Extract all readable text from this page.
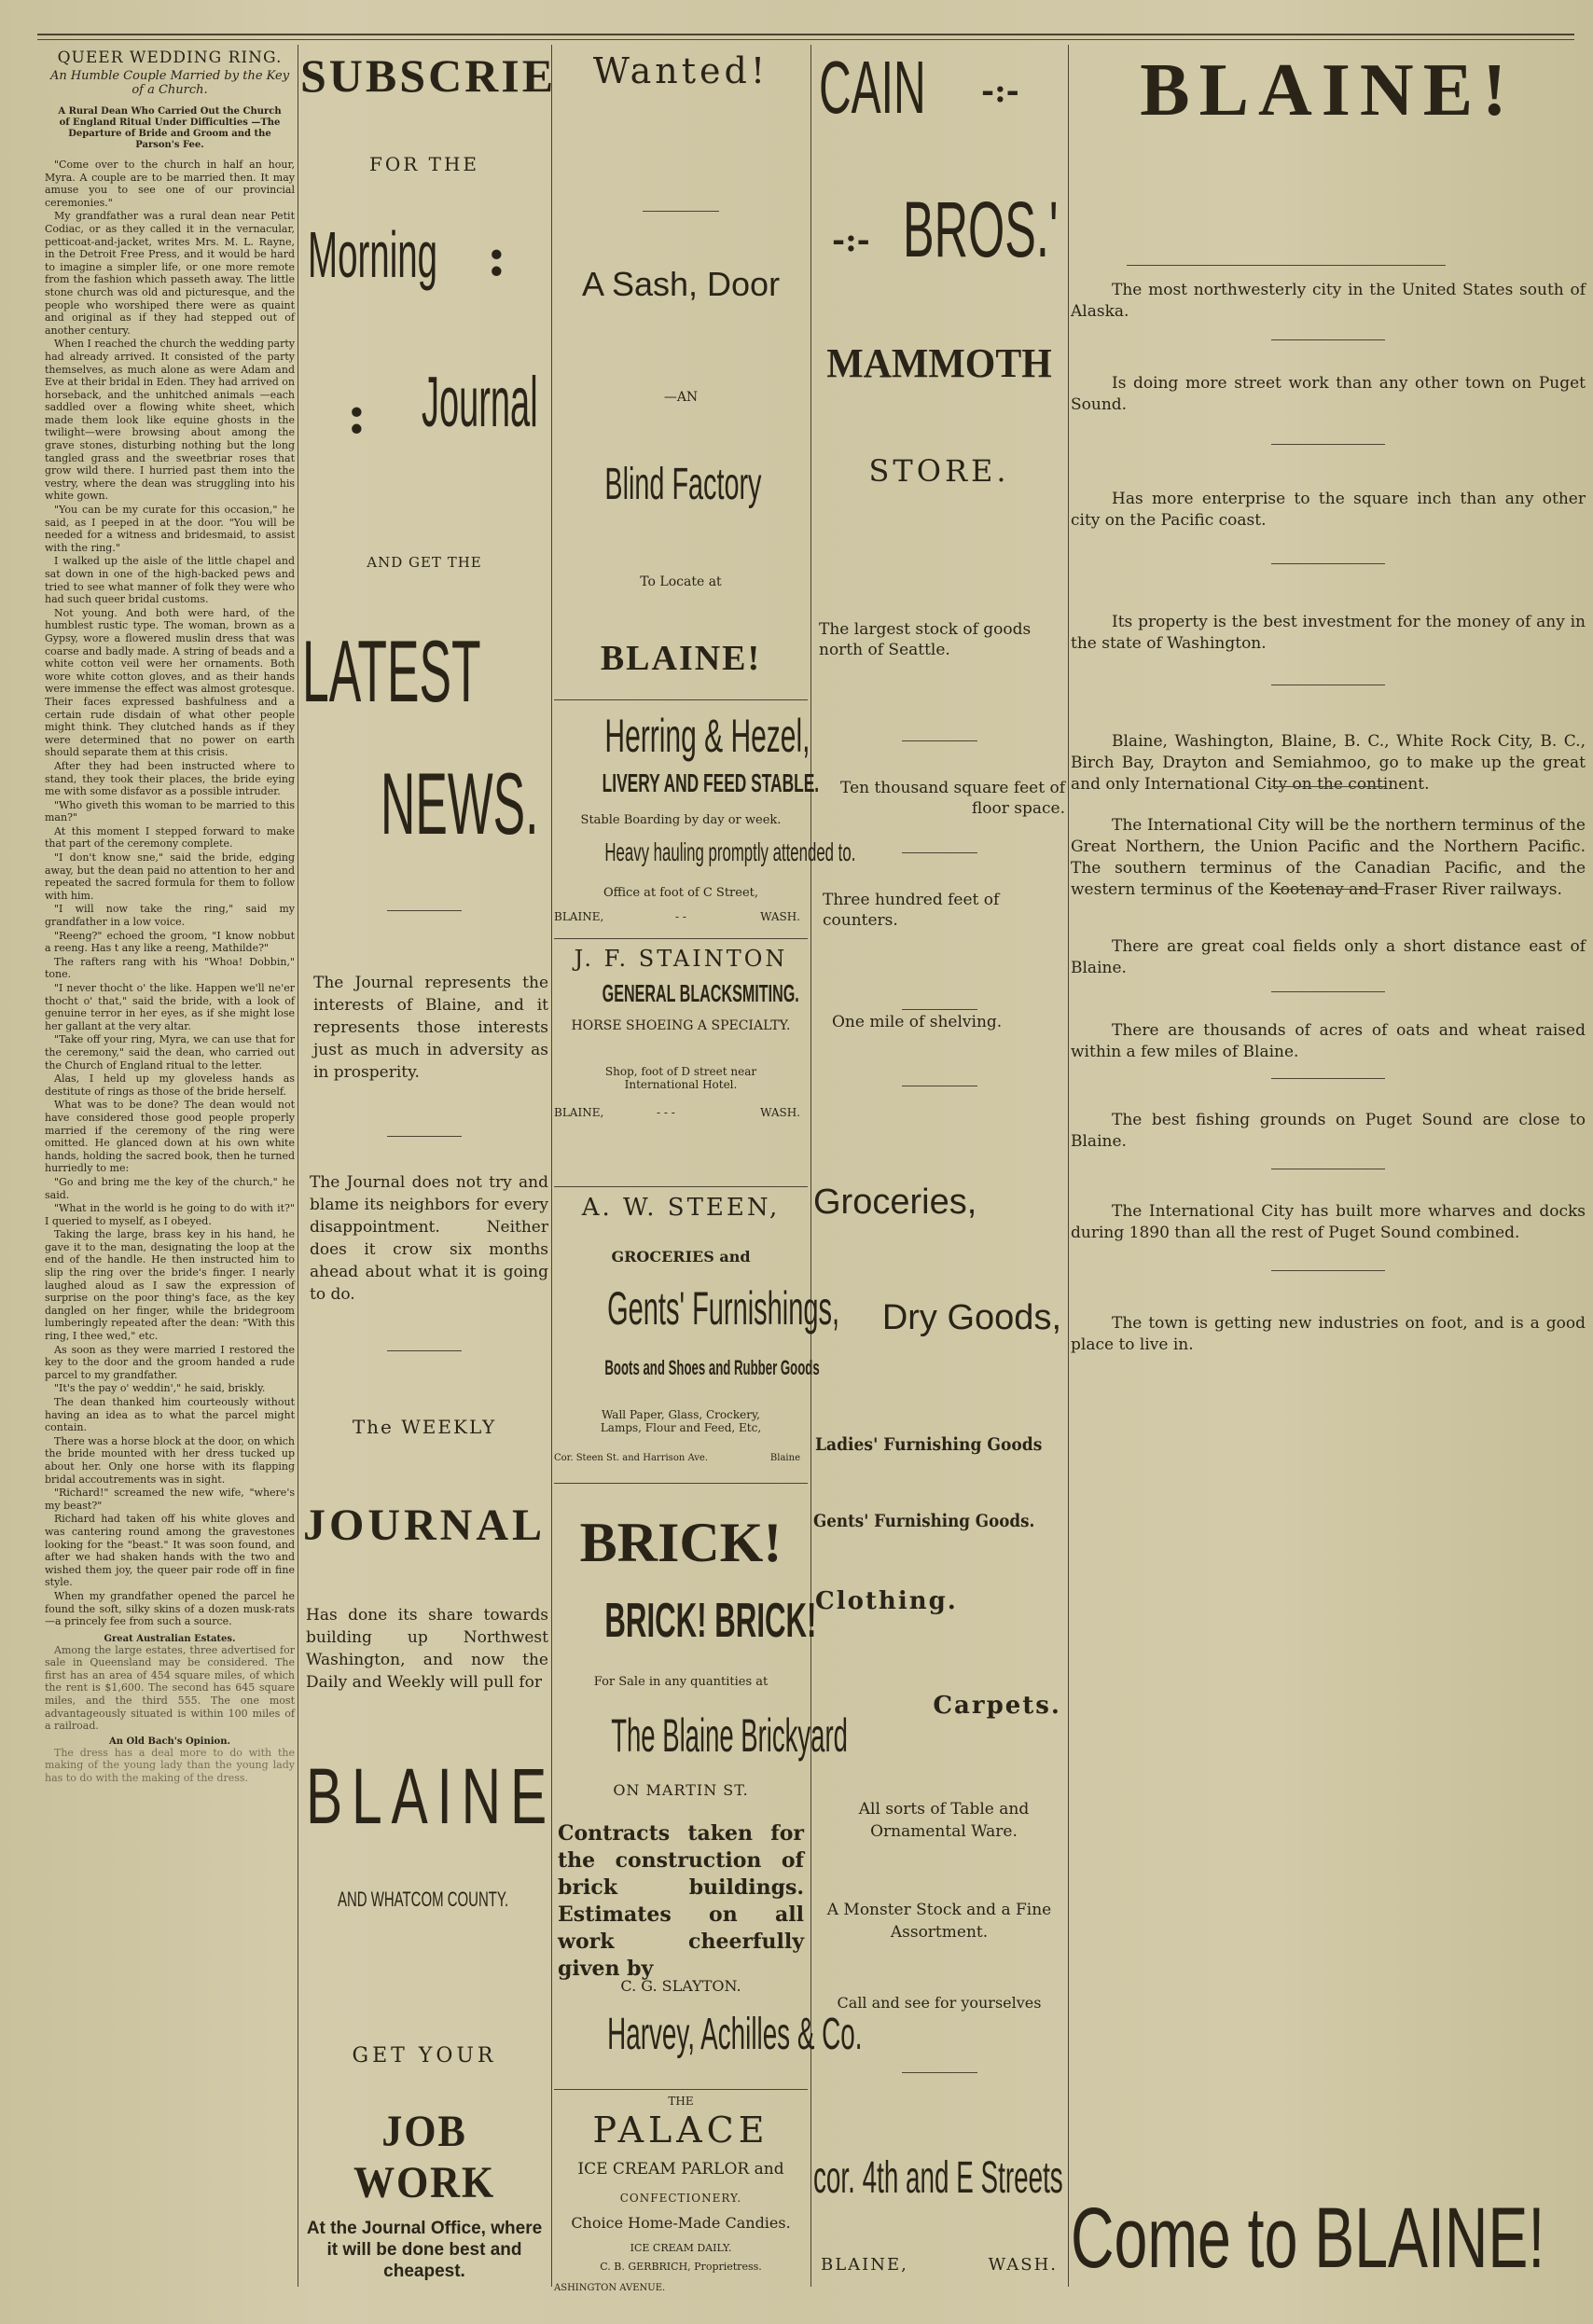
QUEER WEDDING RING.
An Humble Couple Married by the Key of a Church.
A Rural Dean Who Carried Out the Church of England Ritual Under Difficulties —The Departure of Bride and Groom and the Parson's Fee.

"Come over to the church in half an hour, Myra. A couple are to be married then. It may amuse you to see one of our provincial ceremonies."

My grandfather was a rural dean near Petit Codiac, or as they called it in the vernacular, petticoat-and-jacket, writes Mrs. M. L. Rayne, in the Detroit Free Press, and it would be hard to imagine a simpler life, or one more remote from the fashion which passeth away. The little stone church was old and picturesque, and the people who worshiped there were as quaint and original as if they had stepped out of another century.

When I reached the church the wedding party had already arrived. It consisted of the party themselves, as much alone as were Adam and Eve at their bridal in Eden. They had arrived on horseback, and the unhitched animals —each saddled over a flowing white sheet, which made them look like equine ghosts in the twilight—were browsing about among the grave stones, disturbing nothing but the long tangled grass and the sweetbriar roses that grow wild there. I hurried past them into the vestry, where the dean was struggling into his white gown.

"You can be my curate for this occasion," he said, as I peeped in at the door. "You will be needed for a witness and bridesmaid, to assist with the ring."

I walked up the aisle of the little chapel and sat down in one of the high-backed pews and tried to see what manner of folk they were who had such queer bridal customs.

Not young. And both were hard, of the humblest rustic type. The woman, brown as a Gypsy, wore a flowered muslin dress that was coarse and badly made. A string of beads and a white cotton veil were her ornaments. Both wore white cotton gloves, and as their hands were immense the effect was almost grotesque. Their faces expressed bashfulness and a certain rude disdain of what other people might think. They clutched hands as if they were determined that no power on earth should separate them at this crisis.

After they had been instructed where to stand, they took their places, the bride eying me with some disfavor as a possible intruder.

"Who giveth this woman to be married to this man?"

At this moment I stepped forward to make that part of the ceremony complete.

"I don't know sne," said the bride, edging away, but the dean paid no attention to her and repeated the sacred formula for them to follow with him.

"I will now take the ring," said my grandfather in a low voice.

"Reeng?" echoed the groom, "I know nobbut a reeng. Has t any like a reeng, Mathilde?"

The rafters rang with his "Whoa! Dobbin," tone.

"I never thocht o' the like. Happen we'll ne'er thocht o' that," said the bride, with a look of genuine terror in her eyes, as if she might lose her gallant at the very altar.

"Take off your ring, Myra, we can use that for the ceremony," said the dean, who carried out the Church of England ritual to the letter.

Alas, I held up my gloveless hands as destitute of rings as those of the bride herself.

What was to be done? The dean would not have considered those good people properly married if the ceremony of the ring were omitted. He glanced down at his own white hands, holding the sacred book, then he turned hurriedly to me:

"Go and bring me the key of the church," he said.

"What in the world is he going to do with it?" I queried to myself, as I obeyed.

Taking the large, brass key in his hand, he gave it to the man, designating the loop at the end of the handle. He then instructed him to slip the ring over the bride's finger. I nearly laughed aloud as I saw the expression of surprise on the poor thing's face, as the key dangled on her finger, while the bridegroom lumberingly repeated after the dean: "With this ring, I thee wed," etc.

As soon as they were married I restored the key to the door and the groom handed a rude parcel to my grandfather.

"It's the pay o' weddin'," he said, briskly.

The dean thanked him courteously without having an idea as to what the parcel might contain.

There was a horse block at the door, on which the bride mounted with her dress tucked up about her. Only one horse with its flapping bridal accoutrements was in sight.

"Richard!" screamed the new wife, "where's my beast?"

Richard had taken off his white gloves and was cantering round among the gravestones looking for the "beast." It was soon found, and after we had shaken hands with the two and wished them joy, the queer pair rode off in fine style.

When my grandfather opened the parcel he found the soft, silky skins of a dozen musk-rats—a princely fee from such a source.

Great Australian Estates.

Among the large estates, three advertised for sale in Queensland may be considered. The first has an area of 454 square miles, of which the rent is $1,600. The second has 645 square miles, and the third 555. The one most advantageously situated is within 100 miles of a railroad.

An Old Bach's Opinion.

The dress has a deal more to do with the making of the young lady than the young lady has to do with the making of the dress.

SUBSCRIE
FOR THE
Morning :
: Journal
AND GET THE
LATEST
NEWS.
The Journal represents the interests of Blaine, and it represents those interests just as much in adversity as in prosperity.
The Journal does not try and blame its neighbors for every disappointment. Neither does it crow six months ahead about what it is going to do.
The WEEKLY
JOURNAL
Has done its share towards building up Northwest Washington, and now the Daily and Weekly will pull for
BLAINE
AND WHATCOM COUNTY.
GET YOUR
JOB WORK
At the Journal Office, where it will be done best and cheapest.
Wanted!
A Sash, Door
—AN
Blind Factory
To Locate at
BLAINE!
Herring & Hezel,
LIVERY AND FEED STABLE.
Stable Boarding by day or week.
Heavy hauling promptly attended to.
Office at foot of C Street,
BLAINE,	- -	WASH.
J. F. STAINTON
GENERAL BLACKSMITING.
HORSE SHOEING A SPECIALTY.
Shop, foot of D street near International Hotel.
BLAINE,	- - -	WASH.
A. W. STEEN,
GROCERIES and
Gents' Furnishings,
Boots and Shoes and Rubber Goods
Wall Paper, Glass, Crockery, Lamps, Flour and Feed, Etc,
Cor. Steen St. and Harrison Ave.	Blaine
BRICK!
BRICK! BRICK!
For Sale in any quantities at
The Blaine Brickyard
ON MARTIN ST.
Contracts taken for the construction of brick buildings. Estimates on all work cheerfully given by
C. G. SLAYTON.
Harvey, Achilles & Co.
THE
PALACE
ICE CREAM PARLOR and
CONFECTIONERY.
Choice Home-Made Candies.
ICE CREAM DAILY.
C. B. GERBRICH, Proprietress.
ASHINGTON AVENUE.
CAIN -:-
-:- BROS.'
MAMMOTH
STORE.
The largest stock of goods north of Seattle.
Ten thousand square feet of floor space.
Three hundred feet of counters.
One mile of shelving.
Groceries,
Dry Goods,
Ladies' Furnishing Goods
Gents' Furnishing Goods.
Clothing.
Carpets.
All sorts of Table and Ornamental Ware.
A Monster Stock and a Fine Assortment.
Call and see for yourselves
cor. 4th and E Streets
BLAINE,	WASH.
BLAINE!
The most northwesterly city in the United States south of Alaska.
Is doing more street work than any other town on Puget Sound.
Has more enterprise to the square inch than any other city on the Pacific coast.
Its property is the best investment for the money of any in the state of Washington.
Blaine, Washington, Blaine, B. C., White Rock City, B. C., Birch Bay, Drayton and Semiahmoo, go to make up the great and only International City on the continent.
The International City will be the northern terminus of the Great Northern, the Union Pacific and the Northern Pacific. The southern terminus of the Canadian Pacific, and the western terminus of the Kootenay and Fraser River railways.
There are great coal fields only a short distance east of Blaine.
There are thousands of acres of oats and wheat raised within a few miles of Blaine.
The best fishing grounds on Puget Sound are close to Blaine.
The International City has built more wharves and docks during 1890 than all the rest of Puget Sound combined.
The town is getting new industries on foot, and is a good place to live in.
Come to BLAINE!
